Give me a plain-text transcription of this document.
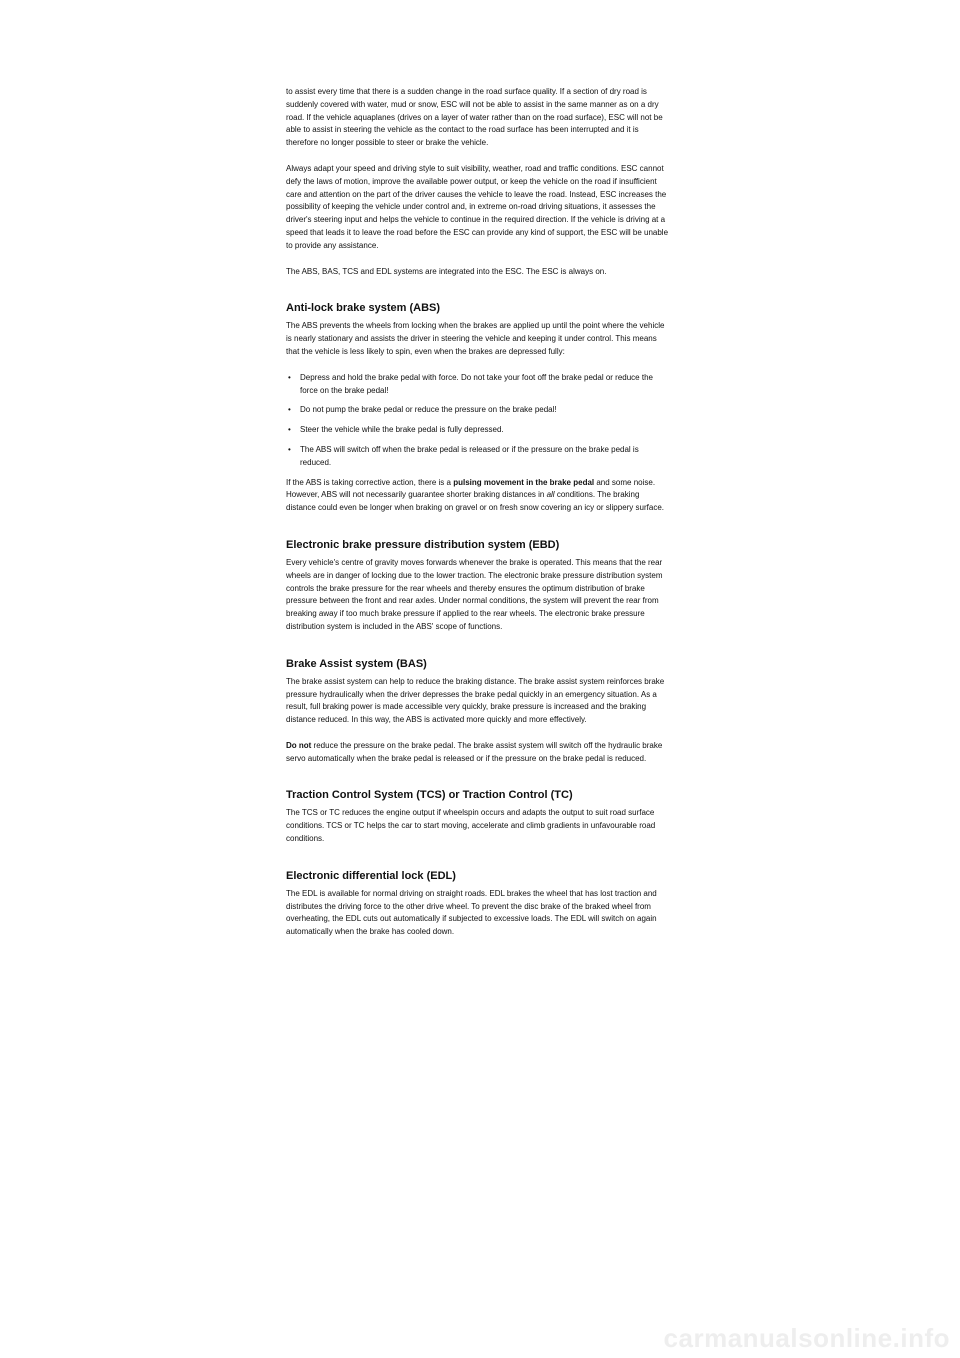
to assist every time that there is a sudden change in the road surface quality. If a section of dry road is suddenly covered with water, mud or snow, ESC will not be able to assist in the same manner as on a dry road. If the vehicle aquaplanes (drives on a layer of water rather than on the road surface), ESC will not be able to assist in steering the vehicle as the contact to the road surface has been interrupted and it is therefore no longer possible to steer or brake the vehicle.

Always adapt your speed and driving style to suit visibility, weather, road and traffic conditions. ESC cannot defy the laws of motion, improve the available power output, or keep the vehicle on the road if insufficient care and attention on the part of the driver causes the vehicle to leave the road. Instead, ESC increases the possibility of keeping the vehicle under control and, in extreme on-road driving situations, it assesses the driver's steering input and helps the vehicle to continue in the required direction. If the vehicle is driving at a speed that leads it to leave the road before the ESC can provide any kind of support, the ESC will be unable to provide any assistance.

The ABS, BAS, TCS and EDL systems are integrated into the ESC. The ESC is always on.

Anti-lock brake system (ABS)

The ABS prevents the wheels from locking when the brakes are applied up until the point where the vehicle is nearly stationary and assists the driver in steering the vehicle and keeping it under control. This means that the vehicle is less likely to spin, even when the brakes are depressed fully:

• Depress and hold the brake pedal with force. Do not take your foot off the brake pedal or reduce the force on the brake pedal!
• Do not pump the brake pedal or reduce the pressure on the brake pedal!
• Steer the vehicle while the brake pedal is fully depressed.
• The ABS will switch off when the brake pedal is released or if the pressure on the brake pedal is reduced.

If the ABS is taking corrective action, there is a pulsing movement in the brake pedal and some noise. However, ABS will not necessarily guarantee shorter braking distances in all conditions. The braking distance could even be longer when braking on gravel or on fresh snow covering an icy or slippery surface.

Electronic brake pressure distribution system (EBD)

Every vehicle's centre of gravity moves forwards whenever the brake is operated. This means that the rear wheels are in danger of locking due to the lower traction. The electronic brake pressure distribution system controls the brake pressure for the rear wheels and thereby ensures the optimum distribution of brake pressure between the front and rear axles. Under normal conditions, the system will prevent the rear from breaking away if too much brake pressure if applied to the rear wheels. The electronic brake pressure distribution system is included in the ABS' scope of functions.

Brake Assist system (BAS)

The brake assist system can help to reduce the braking distance. The brake assist system reinforces brake pressure hydraulically when the driver depresses the brake pedal quickly in an emergency situation. As a result, full braking power is made accessible very quickly, brake pressure is increased and the braking distance reduced. In this way, the ABS is activated more quickly and more effectively.

Do not reduce the pressure on the brake pedal. The brake assist system will switch off the hydraulic brake servo automatically when the brake pedal is released or if the pressure on the brake pedal is reduced.

Traction Control System (TCS) or Traction Control (TC)

The TCS or TC reduces the engine output if wheelspin occurs and adapts the output to suit road surface conditions. TCS or TC helps the car to start moving, accelerate and climb gradients in unfavourable road conditions.

Electronic differential lock (EDL)

The EDL is available for normal driving on straight roads. EDL brakes the wheel that has lost traction and distributes the driving force to the other drive wheel. To prevent the disc brake of the braked wheel from overheating, the EDL cuts out automatically if subjected to excessive loads. The EDL will switch on again automatically when the brake has cooled down.

carmanualsonline.info
